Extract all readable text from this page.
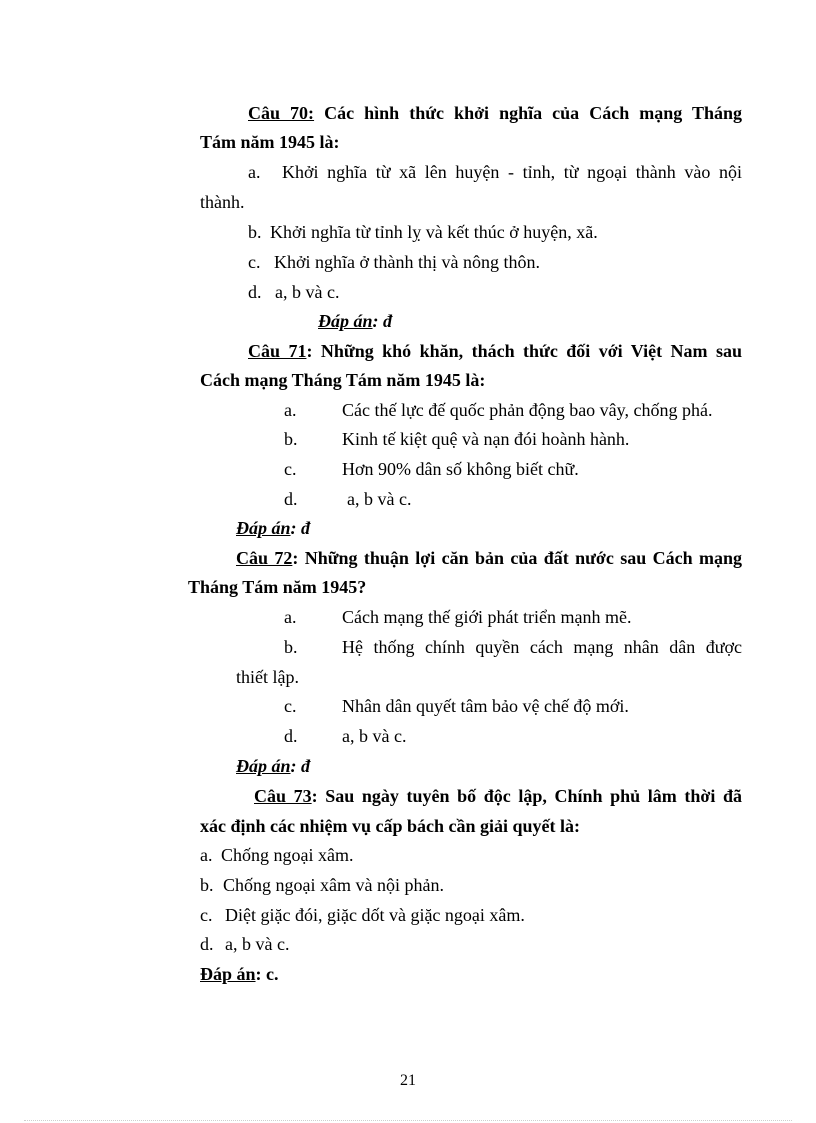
Câu 70: Các hình thức khởi nghĩa của Cách mạng Tháng
Tám năm 1945 là:
a. Khởi nghĩa từ xã lên huyện - tỉnh, từ ngoại thành vào nội
thành.
b. Khởi nghĩa từ tỉnh lỵ và kết thúc ở huyện, xã.
c. Khởi nghĩa ở thành thị và nông thôn.
d. a, b và c.
Đáp án: đ
Câu 71: Những khó khăn, thách thức đối với Việt Nam sau
Cách mạng Tháng Tám năm 1945 là:
a.	Các thế lực đế quốc phản động bao vây, chống phá.
b. Kinh tế kiệt quệ và nạn đói hoành hành.
c.	Hơn 90% dân số không biết chữ.
d.	a, b và c.
Đáp án: đ
Câu 72: Những thuận lợi căn bản của đất nước sau Cách mạng
Tháng Tám năm 1945?
a.	Cách mạng thế giới phát triển mạnh mẽ.
b. Hệ thống chính quyền cách mạng nhân dân được
thiết lập.
c.	Nhân dân quyết tâm bảo vệ chế độ mới.
d. a, b và c.
Đáp án: đ
Câu 73: Sau ngày tuyên bố độc lập, Chính phủ lâm thời đã
xác định các nhiệm vụ cấp bách cần giải quyết là:
a. Chống ngoại xâm.
b. Chống ngoại xâm và nội phản.
c. Diệt giặc đói, giặc dốt và giặc ngoại xâm.
d. a, b và c.
Đáp án: c.
21
